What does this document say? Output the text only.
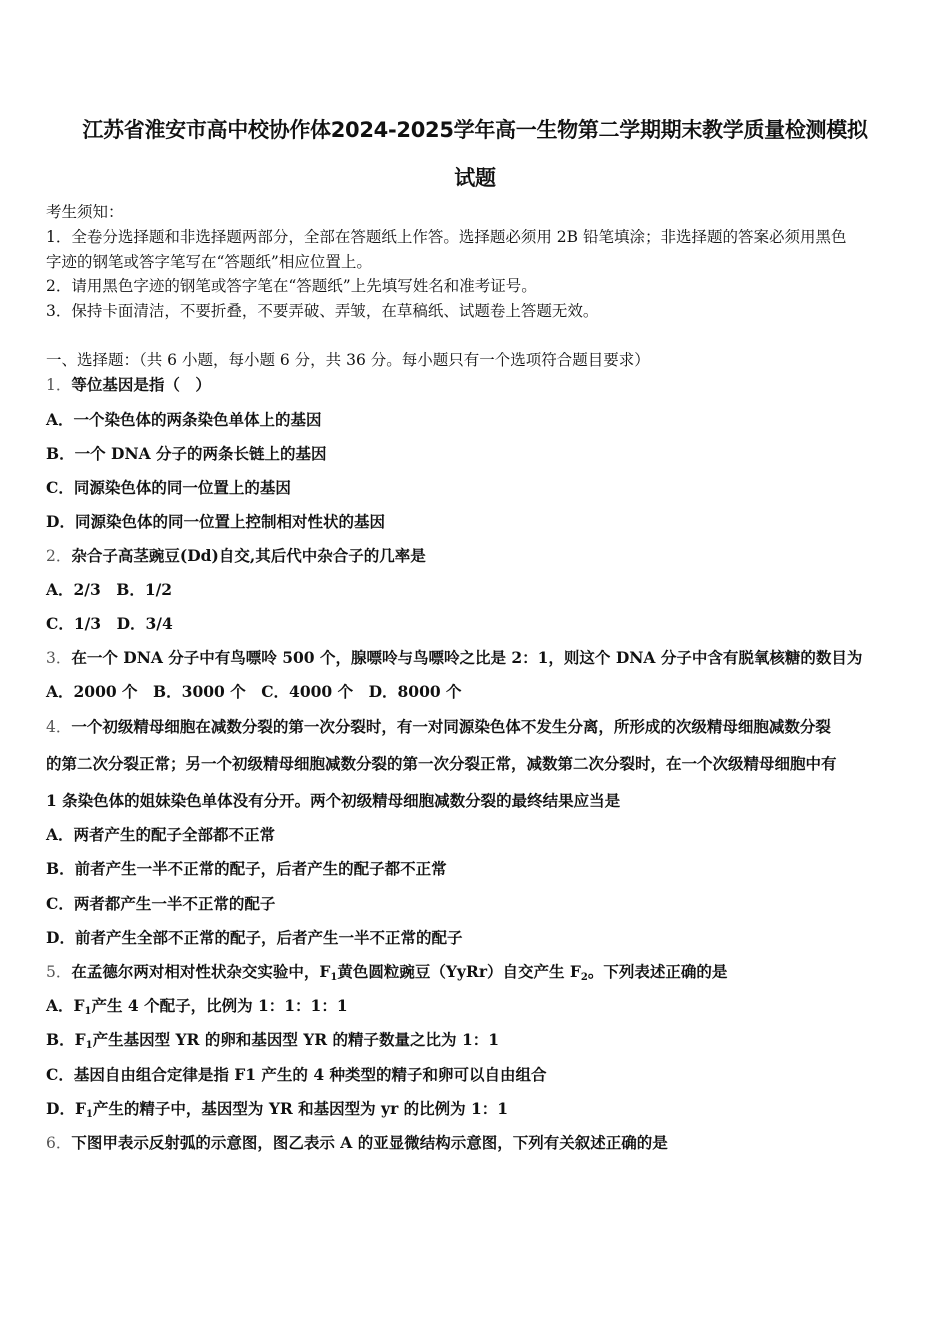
江苏省淮安市高中校协作体2024-2025学年高一生物第二学期期末教学质量检测模拟
试题
考生须知：
1．全卷分选择题和非选择题两部分，全部在答题纸上作答。选择题必须用 2B 铅笔填涂；非选择题的答案必须用黑色
字迹的钢笔或答字笔写在“答题纸”相应位置上。
2．请用黑色字迹的钢笔或答字笔在“答题纸”上先填写姓名和准考证号。
3．保持卡面清洁，不要折叠，不要弄破、弄皱，在草稿纸、试题卷上答题无效。
一、选择题：（共 6 小题，每小题 6 分，共 36 分。每小题只有一个选项符合题目要求）
1．等位基因是指（　）
A．一个染色体的两条染色单体上的基因
B．一个 DNA 分子的两条长链上的基因
C．同源染色体的同一位置上的基因
D．同源染色体的同一位置上控制相对性状的基因
2．杂合子高茎豌豆(Dd)自交,其后代中杂合子的几率是
A．2/3　B．1/2
C．1/3　D．3/4
3．在一个 DNA 分子中有鸟嘌呤 500 个，腺嘌呤与鸟嘌呤之比是 2：1，则这个 DNA 分子中含有脱氧核糖的数目为
A．2000 个　B．3000 个　C．4000 个　D．8000 个
4．一个初级精母细胞在减数分裂的第一次分裂时，有一对同源染色体不发生分离，所形成的次级精母细胞减数分裂
的第二次分裂正常；另一个初级精母细胞减数分裂的第一次分裂正常，减数第二次分裂时，在一个次级精母细胞中有
1 条染色体的姐妹染色单体没有分开。两个初级精母细胞减数分裂的最终结果应当是
A．两者产生的配子全部都不正常
B．前者产生一半不正常的配子，后者产生的配子都不正常
C．两者都产生一半不正常的配子
D．前者产生全部不正常的配子，后者产生一半不正常的配子
5．在孟德尔两对相对性状杂交实验中，$F_1$黄色圆粒豌豆（YyRr）自交产生 $F_2$。下列表述正确的是
A．$F_1$产生 4 个配子，比例为 1：1：1：1
B．$F_1$产生基因型 YR 的卵和基因型 YR 的精子数量之比为 1：1
C．基因自由组合定律是指 F1 产生的 4 种类型的精子和卵可以自由组合
D．$F_1$产生的精子中，基因型为 YR 和基因型为 yr 的比例为 1：1
6．下图甲表示反射弧的示意图，图乙表示 A 的亚显微结构示意图，下列有关叙述正确的是
